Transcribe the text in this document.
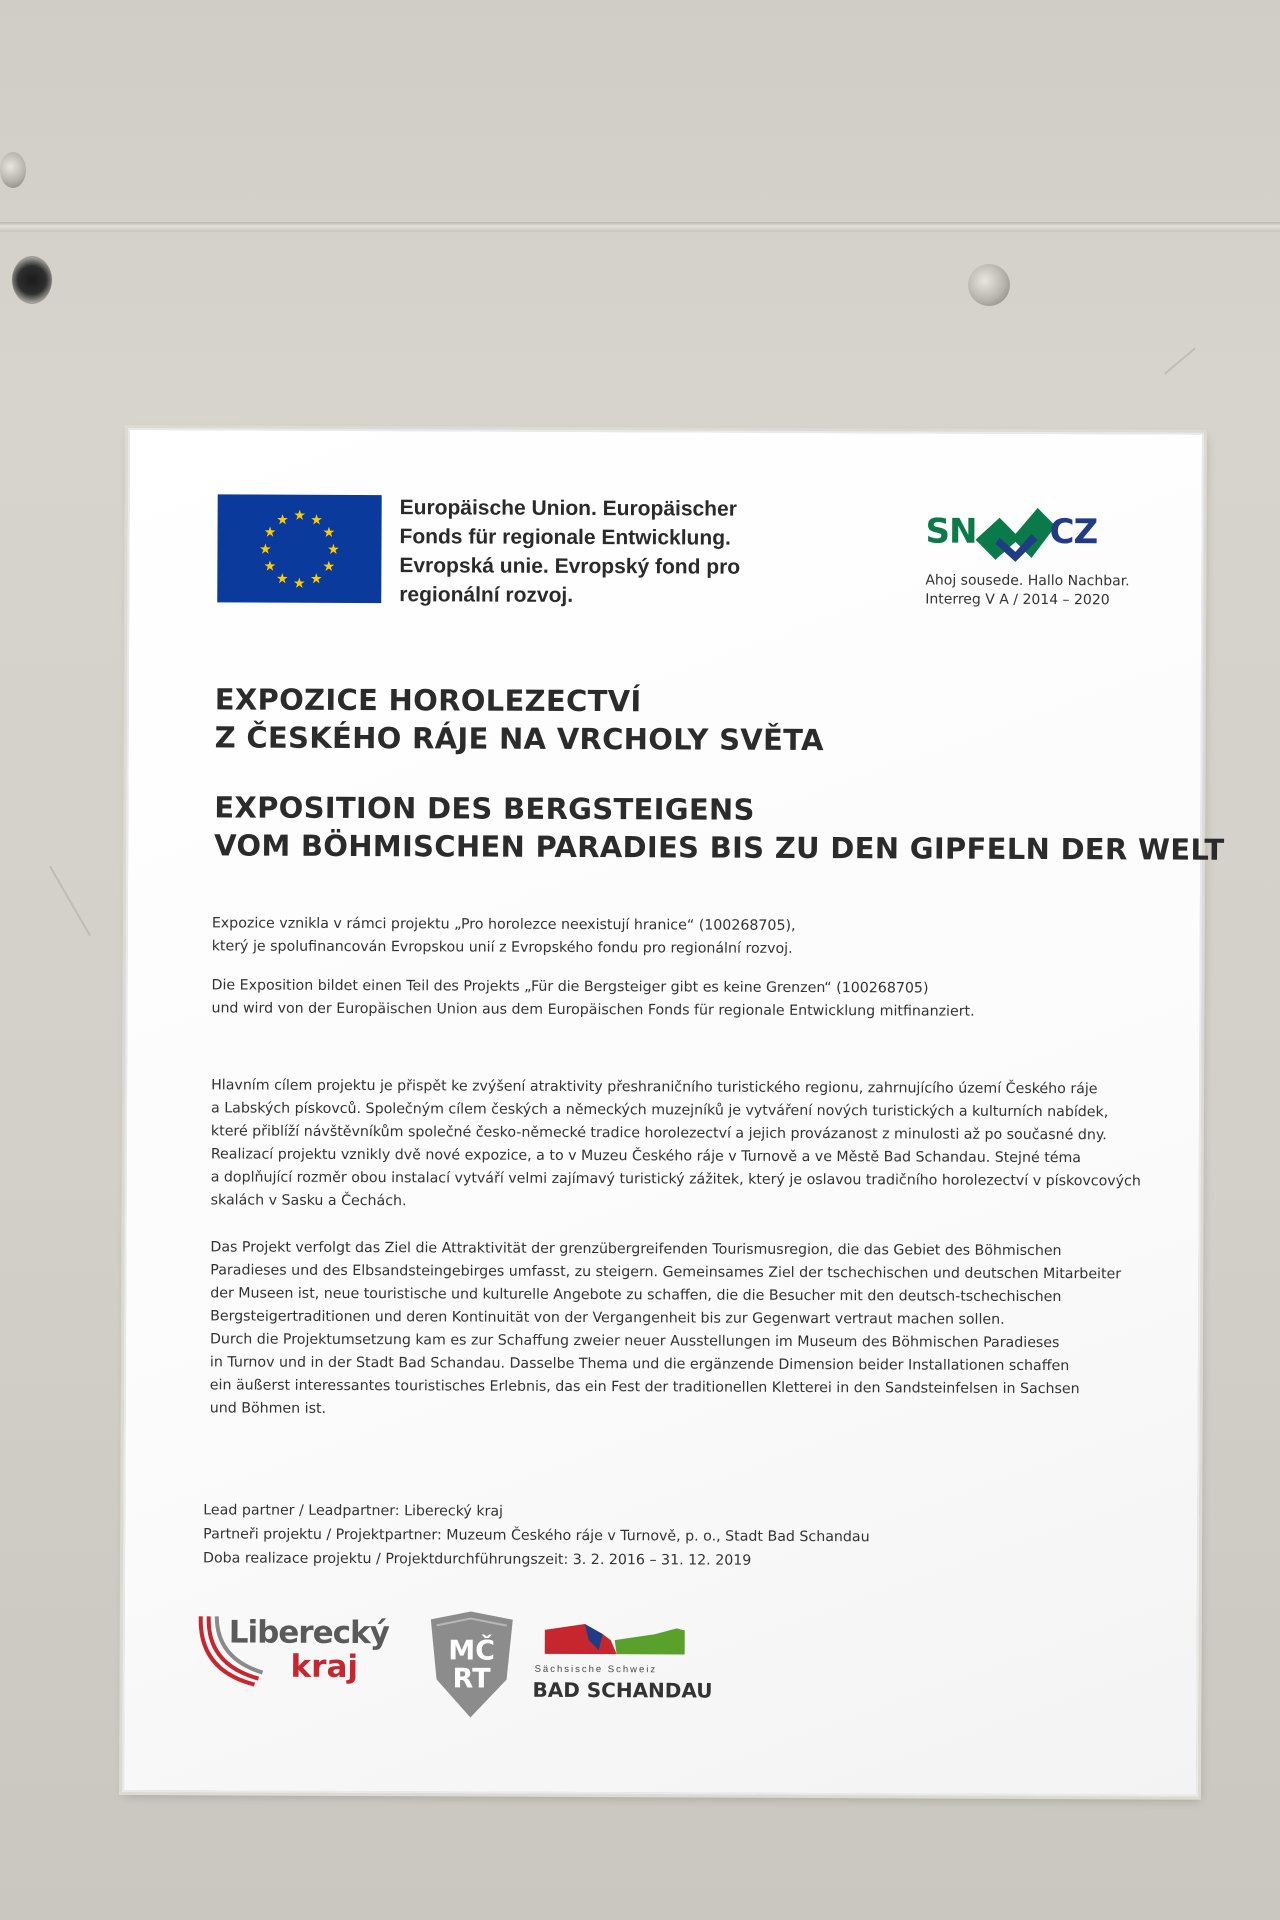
★ ★
★
★
★
★
★
★
★
★
★
★	Europäische Union. Europäischer
Fonds für regionale Entwicklung.
Evropská unie. Evropský fond pro
regionální rozvoj.
SN CZ
Ahoj sousede. Hallo Nachbar.
Interreg V A / 2014 – 2020
EXPOZICE HOROLEZECTVÍ
Z ČESKÉHO RÁJE NA VRCHOLY SVĚTA
EXPOSITION DES BERGSTEIGENS
VOM BÖHMISCHEN PARADIES BIS ZU DEN GIPFELN DER WELT
Expozice vznikla v rámci projektu „Pro horolezce neexistují hranice“ (100268705),
který je spolufinancován Evropskou unií z Evropského fondu pro regionální rozvoj.
Die Exposition bildet einen Teil des Projekts „Für die Bergsteiger gibt es keine Grenzen“ (100268705)
und wird von der Europäischen Union aus dem Europäischen Fonds für regionale Entwicklung mitfinanziert.
Hlavním cílem projektu je přispět ke zvýšení atraktivity přeshraničního turistického regionu, zahrnujícího území Českého ráje
a Labských pískovců. Společným cílem českých a německých muzejníků je vytváření nových turistických a kulturních nabídek,
které přiblíží návštěvníkům společné česko-německé tradice horolezectví a jejich provázanost z minulosti až po současné dny.
Realizací projektu vznikly dvě nové expozice, a to v Muzeu Českého ráje v Turnově a ve Městě Bad Schandau. Stejné téma
a doplňující rozměr obou instalací vytváří velmi zajímavý turistický zážitek, který je oslavou tradičního horolezectví v pískovcových
skalách v Sasku a Čechách.
Das Projekt verfolgt das Ziel die Attraktivität der grenzübergreifenden Tourismusregion, die das Gebiet des Böhmischen
Paradieses und des Elbsandsteingebirges umfasst, zu steigern. Gemeinsames Ziel der tschechischen und deutschen Mitarbeiter
der Museen ist, neue touristische und kulturelle Angebote zu schaffen, die die Besucher mit den deutsch-tschechischen
Bergsteigertraditionen und deren Kontinuität von der Vergangenheit bis zur Gegenwart vertraut machen sollen.
Durch die Projektumsetzung kam es zur Schaffung zweier neuer Ausstellungen im Museum des Böhmischen Paradieses
in Turnov und in der Stadt Bad Schandau. Dasselbe Thema und die ergänzende Dimension beider Installationen schaffen
ein äußerst interessantes touristisches Erlebnis, das ein Fest der traditionellen Kletterei in den Sandsteinfelsen in Sachsen
und Böhmen ist.
Lead partner / Leadpartner: Liberecký kraj
Partneři projektu / Projektpartner: Muzeum Českého ráje v Turnově, p. o., Stadt Bad Schandau
Doba realizace projektu / Projektdurchführungszeit: 3. 2. 2016 – 31. 12. 2019
Liberecký
kraj	MČRT	Sächsische Schweiz
BAD SCHANDAU
